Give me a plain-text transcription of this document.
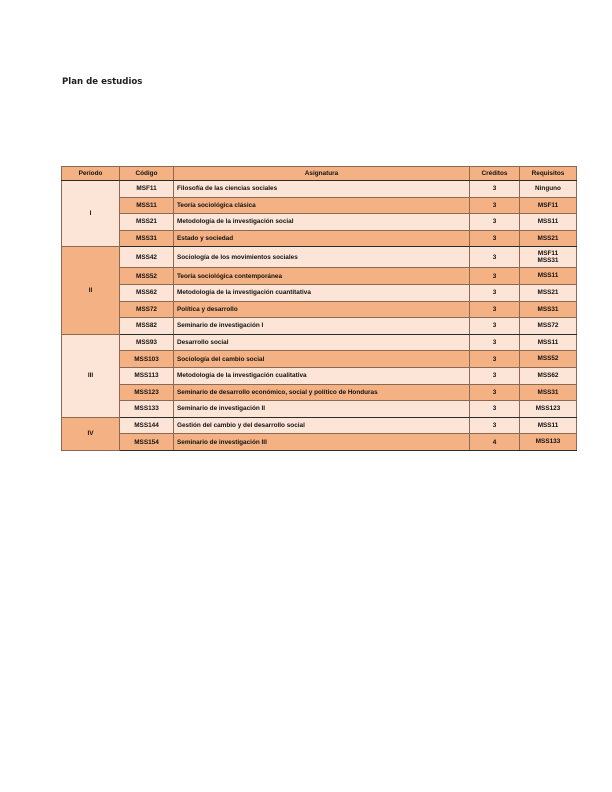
Plan de estudios
Período	Código	Asignatura	Créditos	Requisitos
I	MSF11	Filosofía de las ciencias sociales	3	Ninguno

	MSS11	Teoría sociológica clásica	3	MSF11

	MSS21	Metodología de la investigación social	3	MSS11

	MSS31	Estado y sociedad	3	MSS21

II	MSS42	Sociología de los movimientos sociales	3	MSF11
MSS31

	MSS52	Teoría sociológica contemporánea	3	MSS11

	MSS62	Metodología de la investigación cuantitativa	3	MSS21

	MSS72	Política y desarrollo	3	MSS31

	MSS82	Seminario de investigación I	3	MSS72

III	MSS93	Desarrollo social	3	MSS11

	MSS103	Sociología del cambio social	3	MSS52

	MSS113	Metodología de la investigación cualitativa	3	MSS62

	MSS123	Seminario de desarrollo económico, social y político de Honduras	3	MSS31

	MSS133	Seminario de investigación II	3	MSS123

IV	MSS144	Gestión del cambio y del desarrollo social	3	MSS11

	MSS154	Seminario de investigación III	4	MSS133
